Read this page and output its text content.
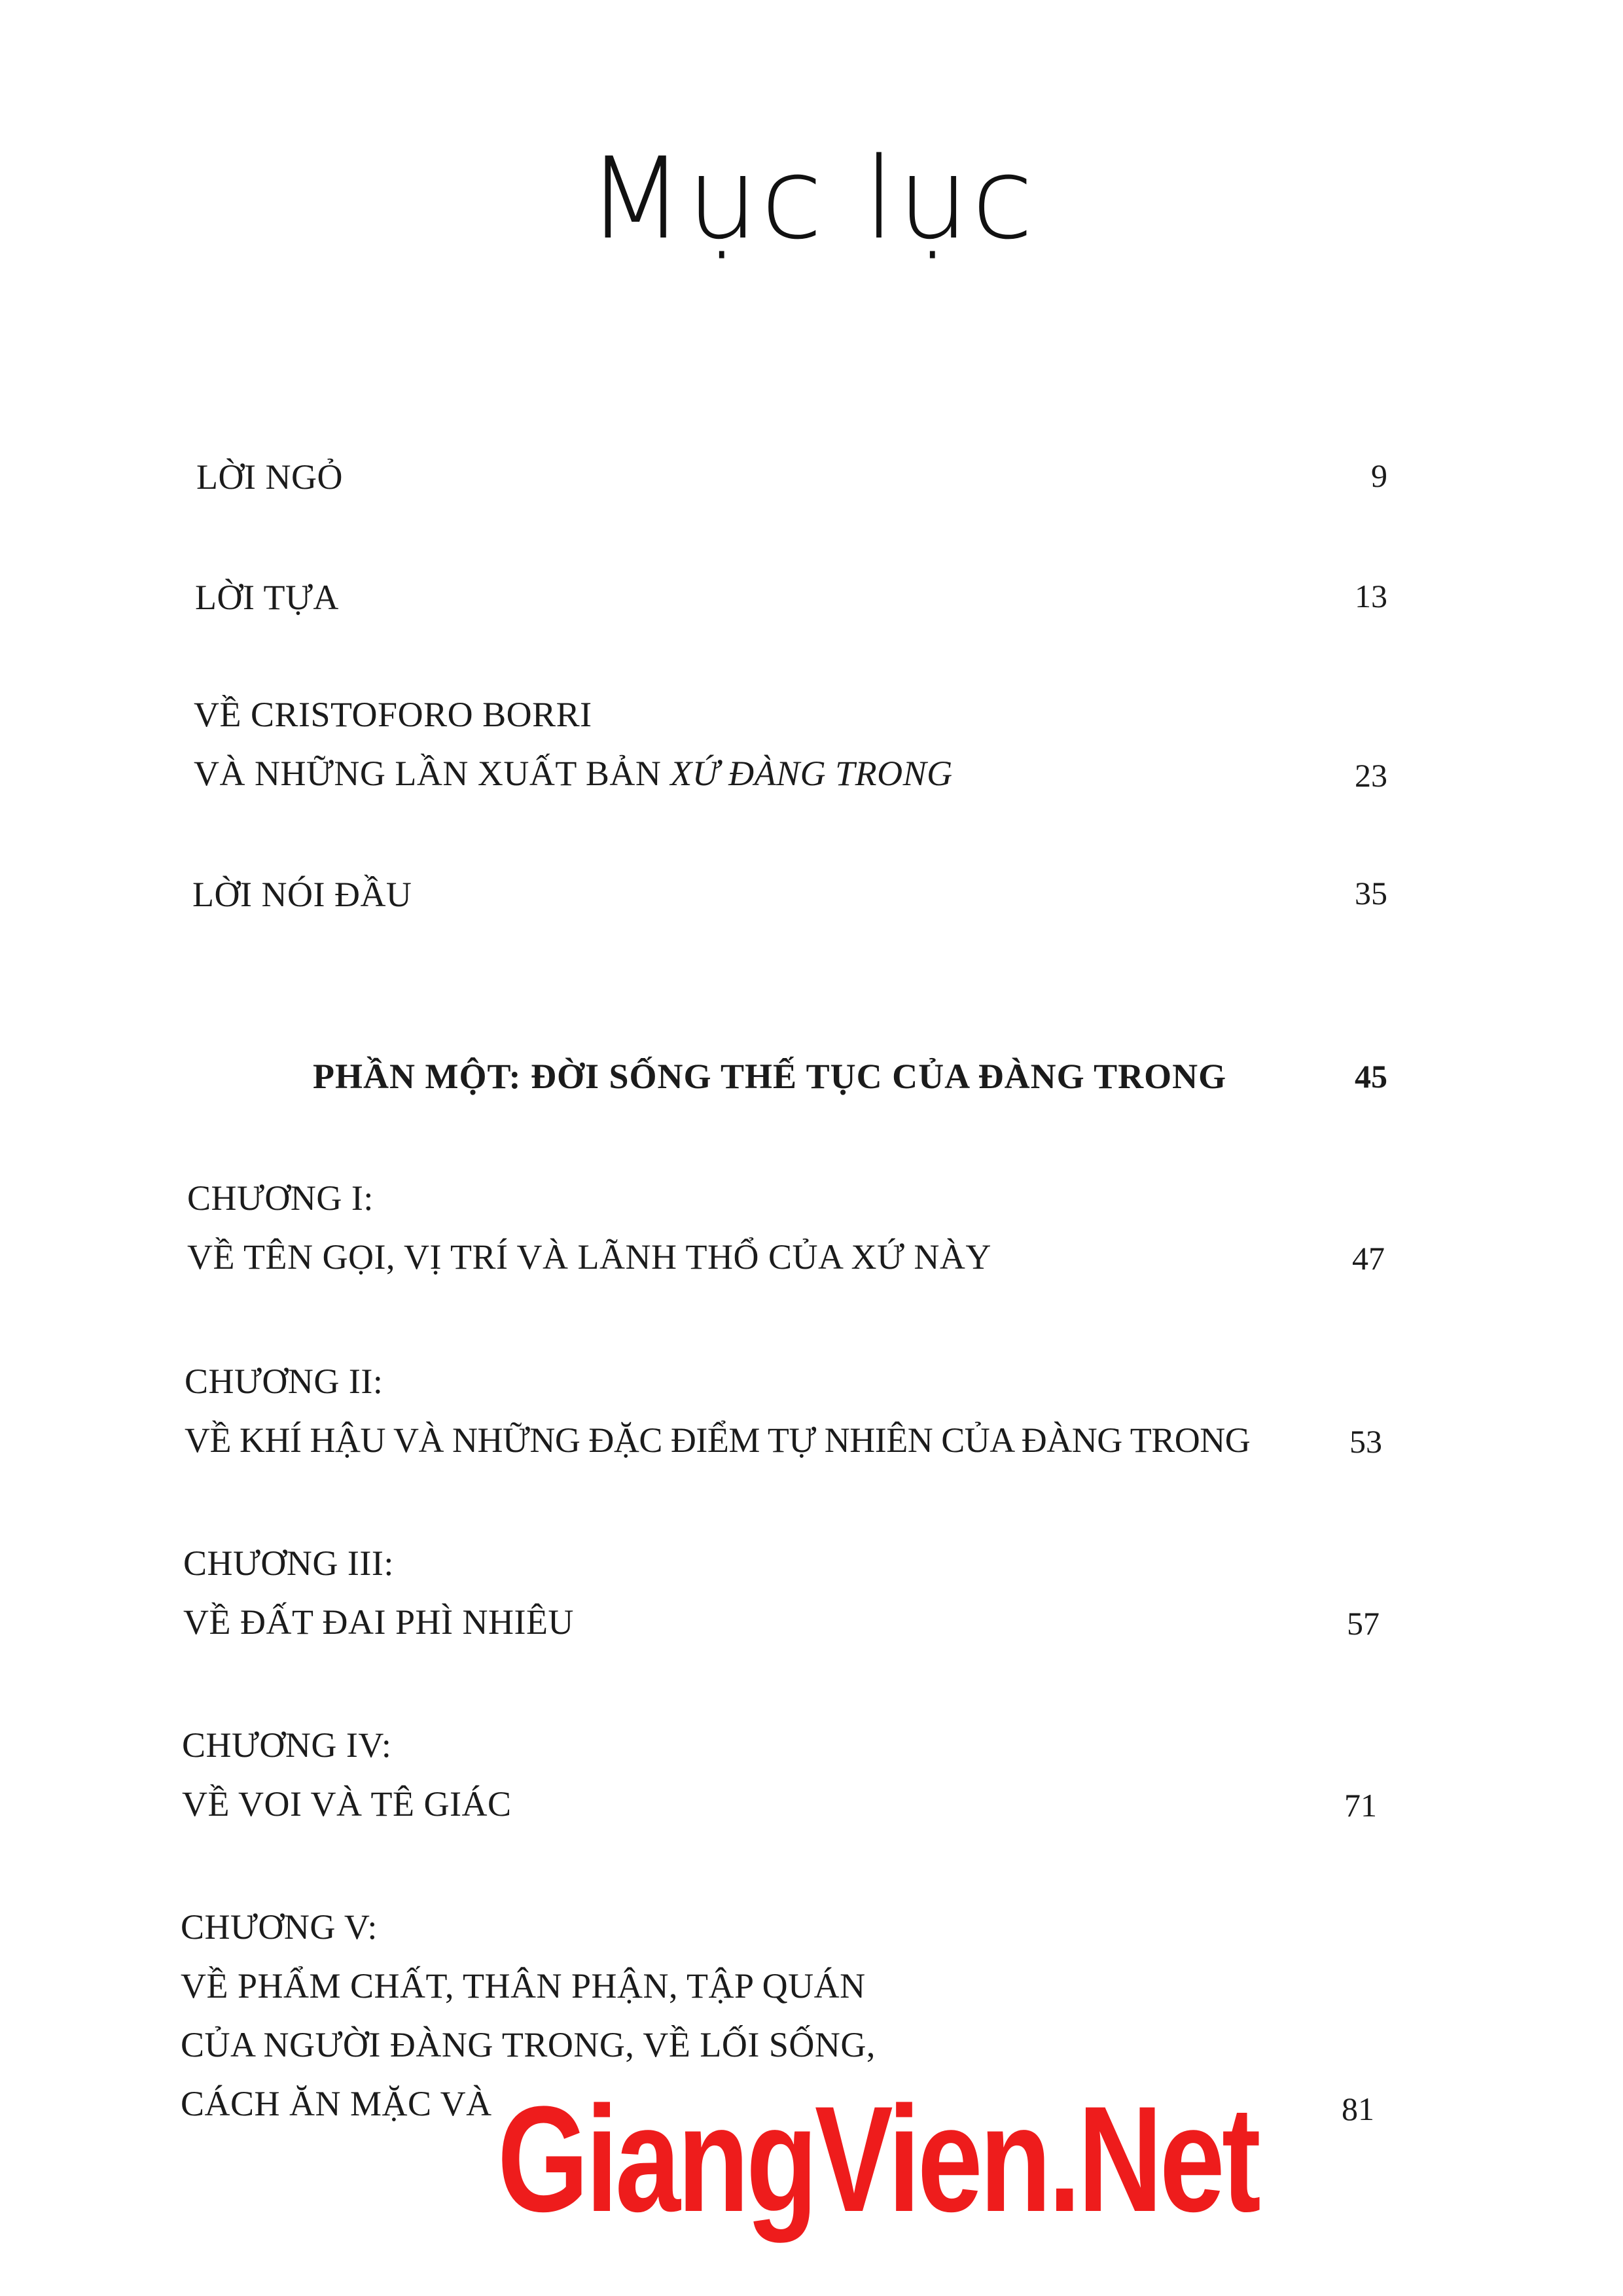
Mục lục
LỜI NGỎ	9
LỜI TỰA	13
VỀ CRISTOFORO BORRI
VÀ NHỮNG LẦN XUẤT BẢN XỨ ĐÀNG TRONG	23
LỜI NÓI ĐẦU	35
PHẦN MỘT: ĐỜI SỐNG THẾ TỤC CỦA ĐÀNG TRONG	45
CHƯƠNG I:
VỀ TÊN GỌI, VỊ TRÍ VÀ LÃNH THỔ CỦA XỨ NÀY	47
CHƯƠNG II:
VỀ KHÍ HẬU VÀ NHỮNG ĐẶC ĐIỂM TỰ NHIÊN CỦA ĐÀNG TRONG	53
CHƯƠNG III:
VỀ ĐẤT ĐAI PHÌ NHIÊU	57
CHƯƠNG IV:
VỀ VOI VÀ TÊ GIÁC	71
CHƯƠNG V:
VỀ PHẨM CHẤT, THÂN PHẬN, TẬP QUÁN
CỦA NGƯỜI ĐÀNG TRONG, VỀ LỐI SỐNG,
CÁCH ĂN MẶC VÀ	81
GiangVien.Net
